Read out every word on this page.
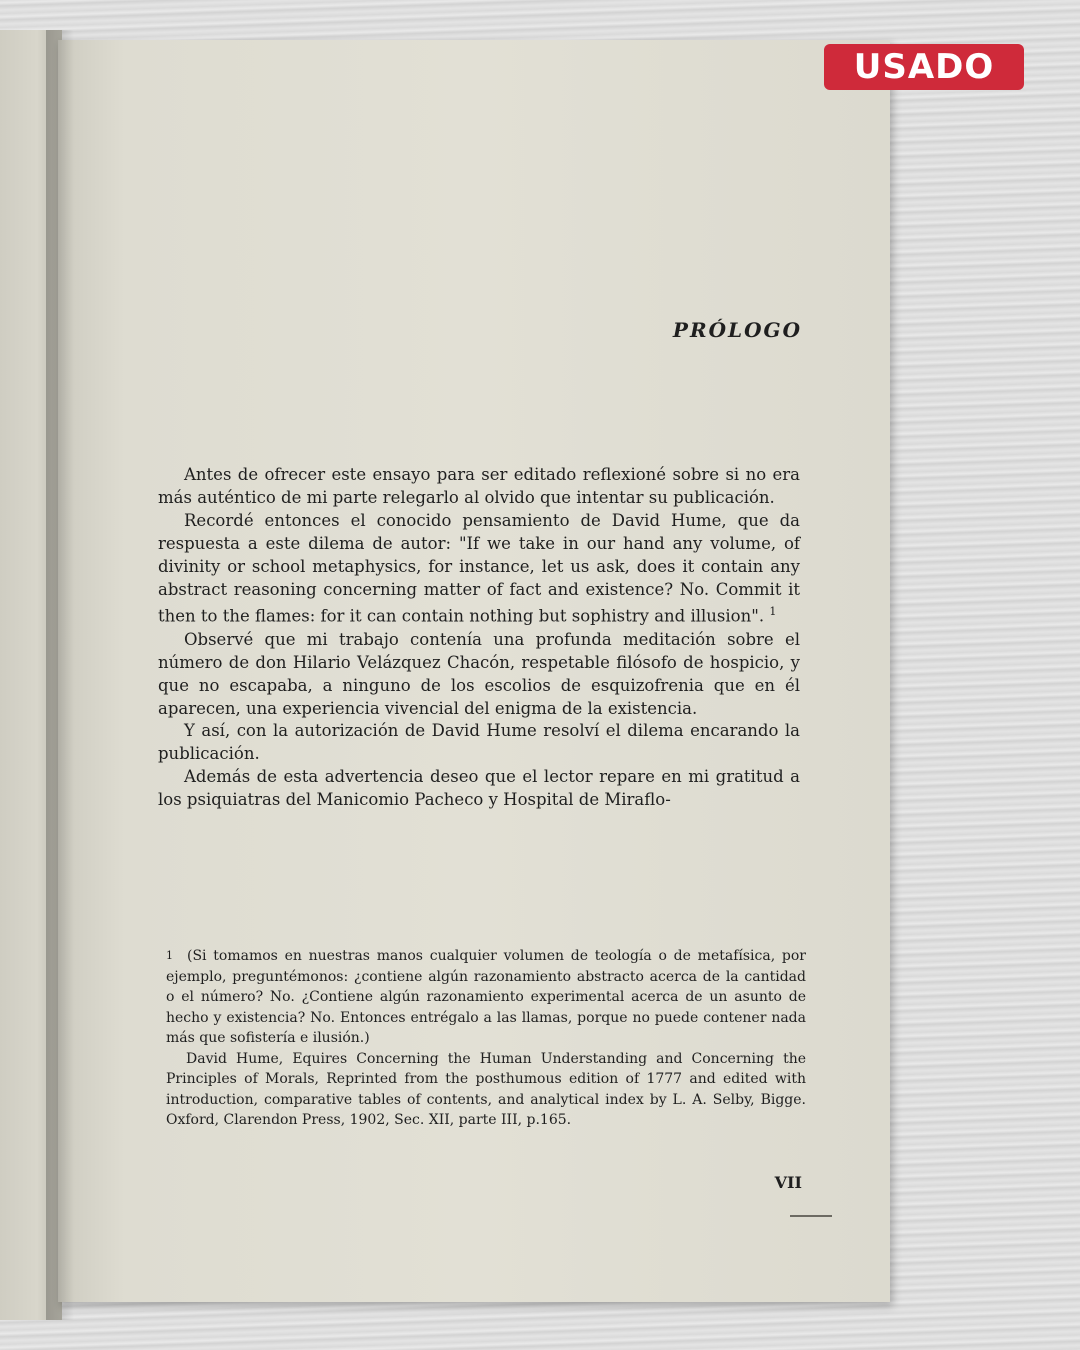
PRÓLOGO

Antes de ofrecer este ensayo para ser editado reflexioné sobre si no era más auténtico de mi parte relegarlo al olvido que intentar su publicación.

Recordé entonces el conocido pensamiento de David Hume, que da respuesta a este dilema de autor: "If we take in our hand any volume, of divinity or school metaphysics, for instance, let us ask, does it contain any abstract reasoning concerning matter of fact and existence? No. Commit it then to the flames: for it can contain nothing but sophistry and illusion". $^1$

Observé que mi trabajo contenía una profunda meditación sobre el número de don Hilario Velázquez Chacón, respetable filósofo de hospicio, y que no escapaba, a ninguno de los escolios de esquizofrenia que en él aparecen, una experiencia vivencial del enigma de la existencia.

Y así, con la autorización de David Hume resolví el dilema encarando la publicación.

Además de esta advertencia deseo que el lector repare en mi gratitud a los psiquiatras del Manicomio Pacheco y Hospital de Miraflo-

$^1$ (Si tomamos en nuestras manos cualquier volumen de teología o de metafísica, por ejemplo, preguntémonos: ¿contiene algún razonamiento abstracto acerca de la cantidad o el número? No. ¿Contiene algún razonamiento experimental acerca de un asunto de hecho y existencia? No. Entonces entrégalo a las llamas, porque no puede contener nada más que sofistería e ilusión.)

David Hume, Equires Concerning the Human Understanding and Concerning the Principles of Morals, Reprinted from the posthumous edition of 1777 and edited with introduction, comparative tables of contents, and analytical index by L. A. Selby, Bigge. Oxford, Clarendon Press, 1902, Sec. XII, parte III, p.165.

VII
USADO
